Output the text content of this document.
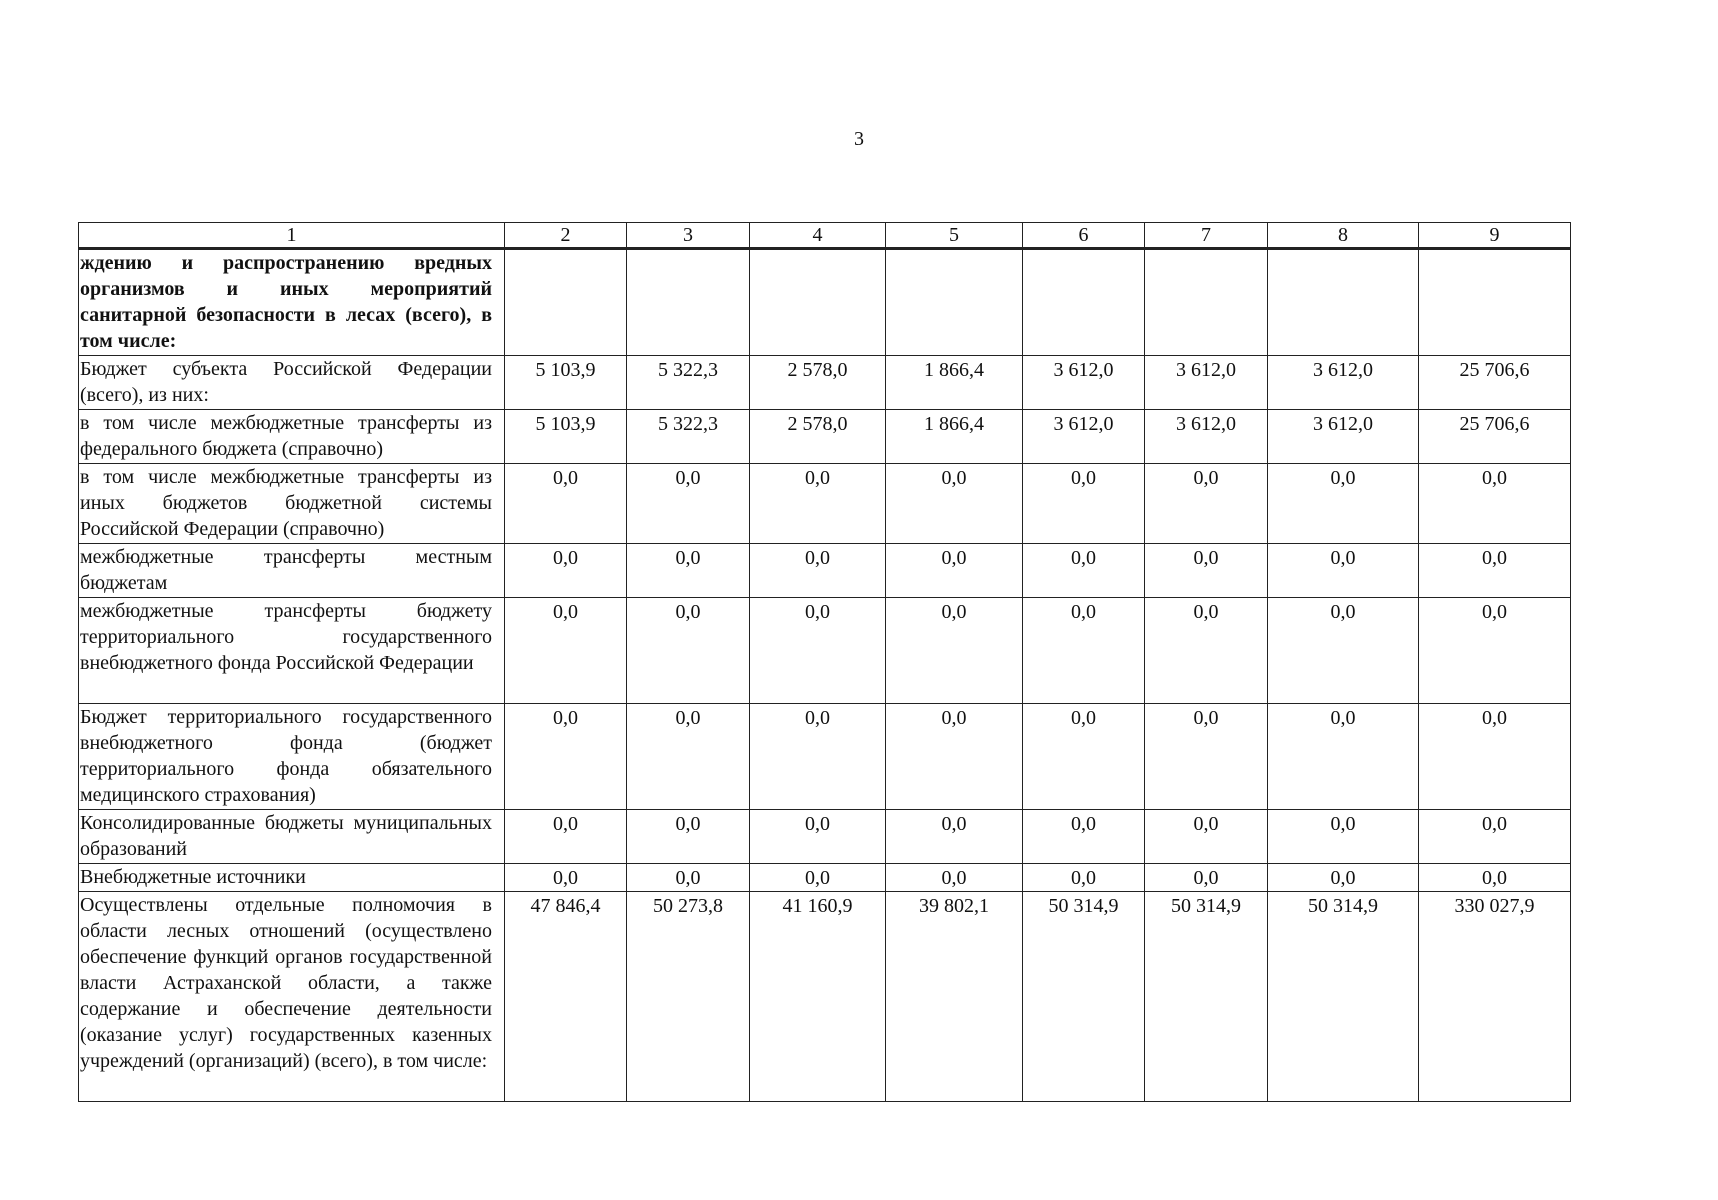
3
1	2	3	4	5	6	7	8	9
ждению и распространению вредных организмов и иных мероприятий санитарной безопасности в лесах (всего), в том числе:								
Бюджет субъекта Российской Федерации (всего), из них:	5 103,9	5 322,3	2 578,0	1 866,4	3 612,0	3 612,0	3 612,0	25 706,6
в том числе межбюджетные трансферты из федерального бюджета (справочно)	5 103,9	5 322,3	2 578,0	1 866,4	3 612,0	3 612,0	3 612,0	25 706,6
в том числе межбюджетные трансферты из иных бюджетов бюджетной системы Российской Федерации (справочно)	0,0	0,0	0,0	0,0	0,0	0,0	0,0	0,0
межбюджетные трансферты местным бюджетам	0,0	0,0	0,0	0,0	0,0	0,0	0,0	0,0
межбюджетные трансферты бюджету территориального государственного внебюджетного фонда Российской Федерации	0,0	0,0	0,0	0,0	0,0	0,0	0,0	0,0
Бюджет территориального государственного внебюджетного фонда (бюджет территориального фонда обязательного медицинского страхования)	0,0	0,0	0,0	0,0	0,0	0,0	0,0	0,0
Консолидированные бюджеты муниципальных образований	0,0	0,0	0,0	0,0	0,0	0,0	0,0	0,0
Внебюджетные источники	0,0	0,0	0,0	0,0	0,0	0,0	0,0	0,0
Осуществлены отдельные полномочия в области лесных отношений (осуществлено обеспечение функций органов государственной власти Астраханской области, а также содержание и обеспечение деятельности (оказание услуг) государственных казенных учреждений (организаций) (всего), в том числе:	47 846,4	50 273,8	41 160,9	39 802,1	50 314,9	50 314,9	50 314,9	330 027,9
